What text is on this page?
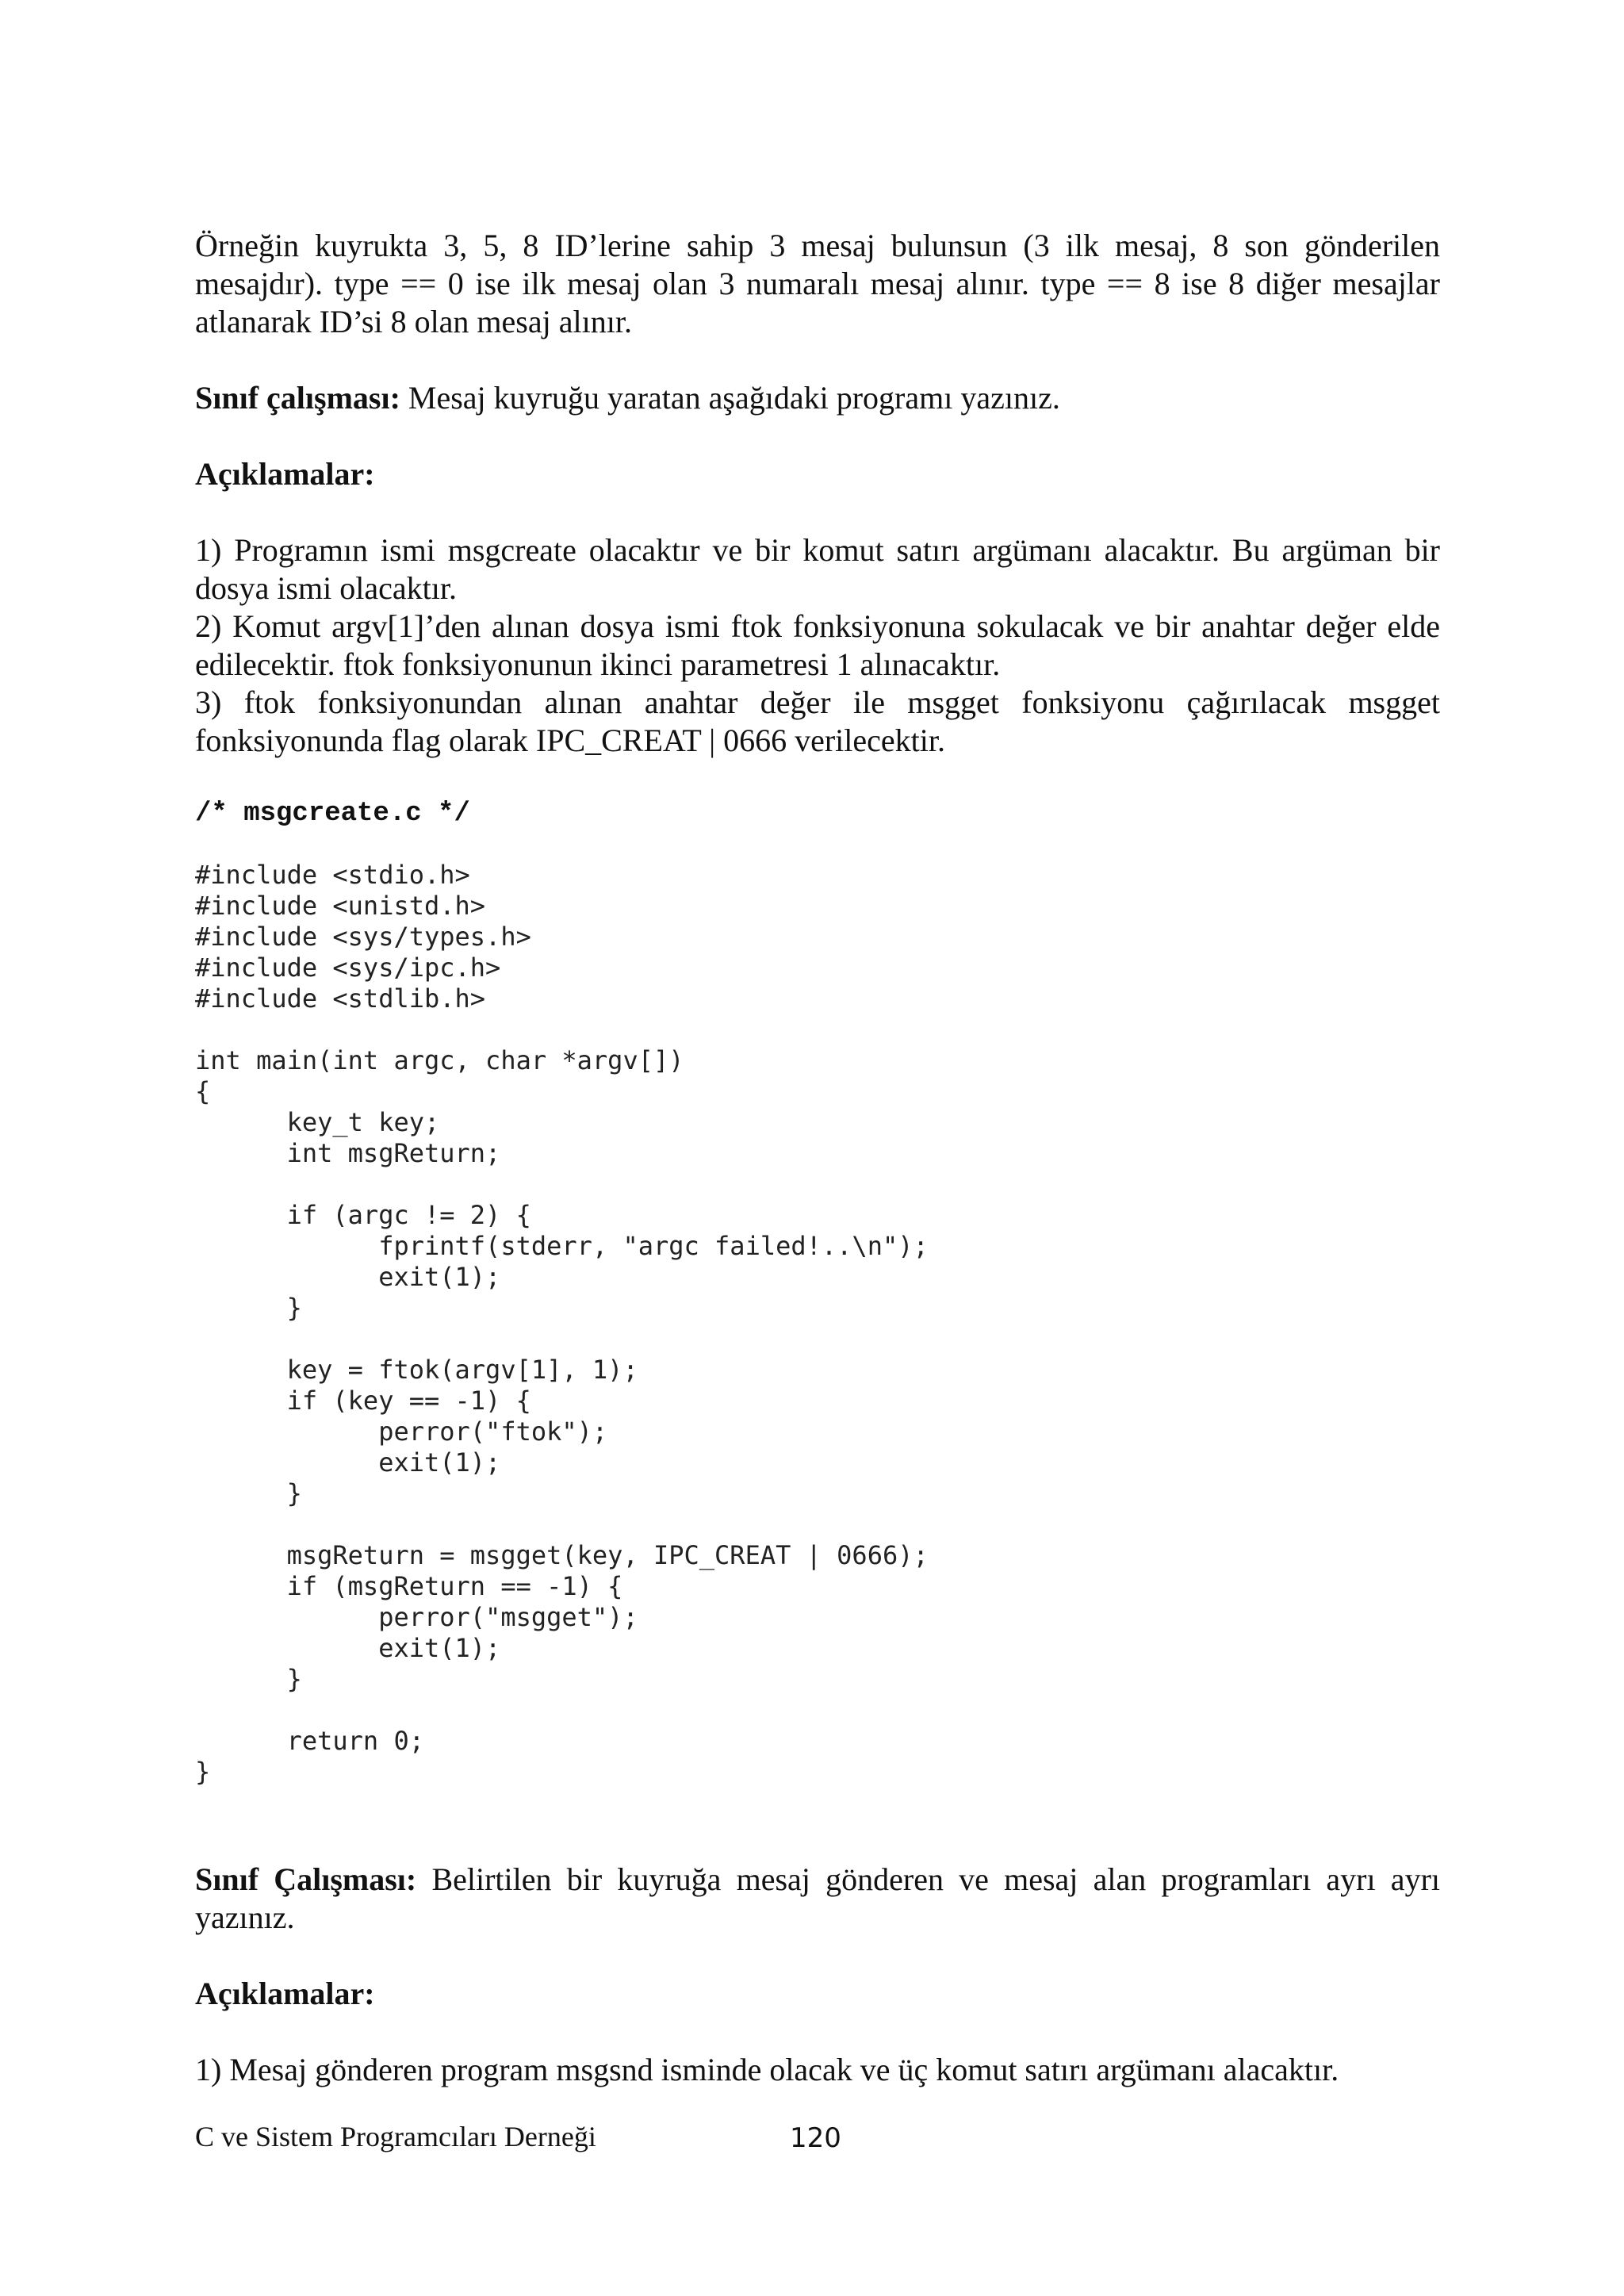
Örneğin kuyrukta 3, 5, 8 ID’lerine sahip 3 mesaj bulunsun (3 ilk mesaj, 8 son gönderilen mesajdır). type == 0 ise ilk mesaj olan 3 numaralı mesaj alınır. type == 8 ise 8 diğer mesajlar atlanarak ID’si 8 olan mesaj alınır.

Sınıf çalışması: Mesaj kuyruğu yaratan aşağıdaki programı yazınız.

Açıklamalar:

1) Programın ismi msgcreate olacaktır ve bir komut satırı argümanı alacaktır. Bu argüman bir dosya ismi olacaktır.

2) Komut argv[1]’den alınan dosya ismi ftok fonksiyonuna sokulacak ve bir anahtar değer elde edilecektir. ftok fonksiyonunun ikinci parametresi 1 alınacaktır.

3) ftok fonksiyonundan alınan anahtar değer ile msgget fonksiyonu çağırılacak msgget fonksiyonunda flag olarak IPC_CREAT | 0666 verilecektir.

/* msgcreate.c */

#include <stdio.h>
#include <unistd.h>
#include <sys/types.h>
#include <sys/ipc.h>
#include <stdlib.h>

int main(int argc, char *argv[])
{
key_t key;
int msgReturn;

if (argc != 2) {
fprintf(stderr, "argc failed!..\n");
exit(1);
}

key = ftok(argv[1], 1);
if (key == -1) {
perror("ftok");
exit(1);
}

msgReturn = msgget(key, IPC_CREAT | 0666);
if (msgReturn == -1) {
perror("msgget");
exit(1);
}

return 0;
}

Sınıf Çalışması: Belirtilen bir kuyruğa mesaj gönderen ve mesaj alan programları ayrı ayrı yazınız.

Açıklamalar:

1) Mesaj gönderen program msgsnd isminde olacak ve üç komut satırı argümanı alacaktır.

C ve Sistem Programcıları Derneği	120
